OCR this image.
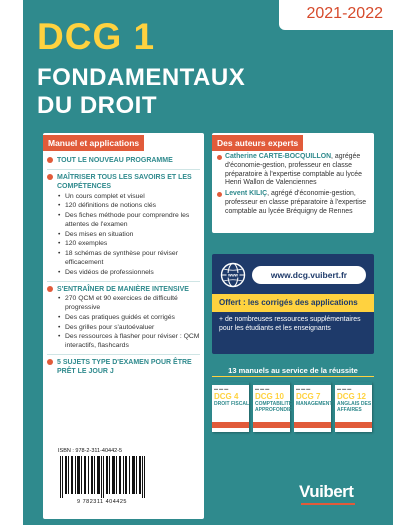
2021-2022
DCG 1
FONDAMENTAUX
DU DROIT
Manuel et applications
TOUT LE NOUVEAU PROGRAMME
MAÎTRISER TOUS LES SAVOIRS ET LES COMPÉTENCES
• Un cours complet et visuel
• 120 définitions de notions clés
• Des fiches méthode pour comprendre les attentes de l'examen
• Des mises en situation
• 120 exemples
• 18 schémas de synthèse pour réviser efficacement
• Des vidéos de professionnels
S'ENTRAÎNER DE MANIÈRE INTENSIVE
• 270 QCM et 90 exercices de difficulté progressive
• Des cas pratiques guidés et corrigés
• Des grilles pour s'autoévaluer
• Des ressources à flasher pour réviser : QCM interactifs, flashcards
5 SUJETS TYPE D'EXAMEN POUR ÊTRE PRÊT LE JOUR J
Des auteurs experts
Catherine CARTE-BOCQUILLON, agrégée d'économie-gestion, professeur en classe préparatoire à l'expertise comptable au lycée Henri Wallon de Valenciennes
Levent KILIÇ, agrégé d'économie-gestion, professeur en classe préparatoire à l'expertise comptable au lycée Bréquigny de Rennes
www	www.dcg.vuibert.fr
Offert : les corrigés des applications
+ de nombreuses ressources supplémentaires pour les étudiants et les enseignants
13 manuels au service de la réussite
▬ ▬ ▬
DCG 4
DROIT FISCAL
▬ ▬ ▬
DCG 10
COMPTABILITÉ APPROFONDIE
▬ ▬ ▬
DCG 7
MANAGEMENT
▬ ▬ ▬
DCG 12
ANGLAIS DES AFFAIRES
ISBN : 978-2-311-40442-5
9 782311 404425
Vuibert
